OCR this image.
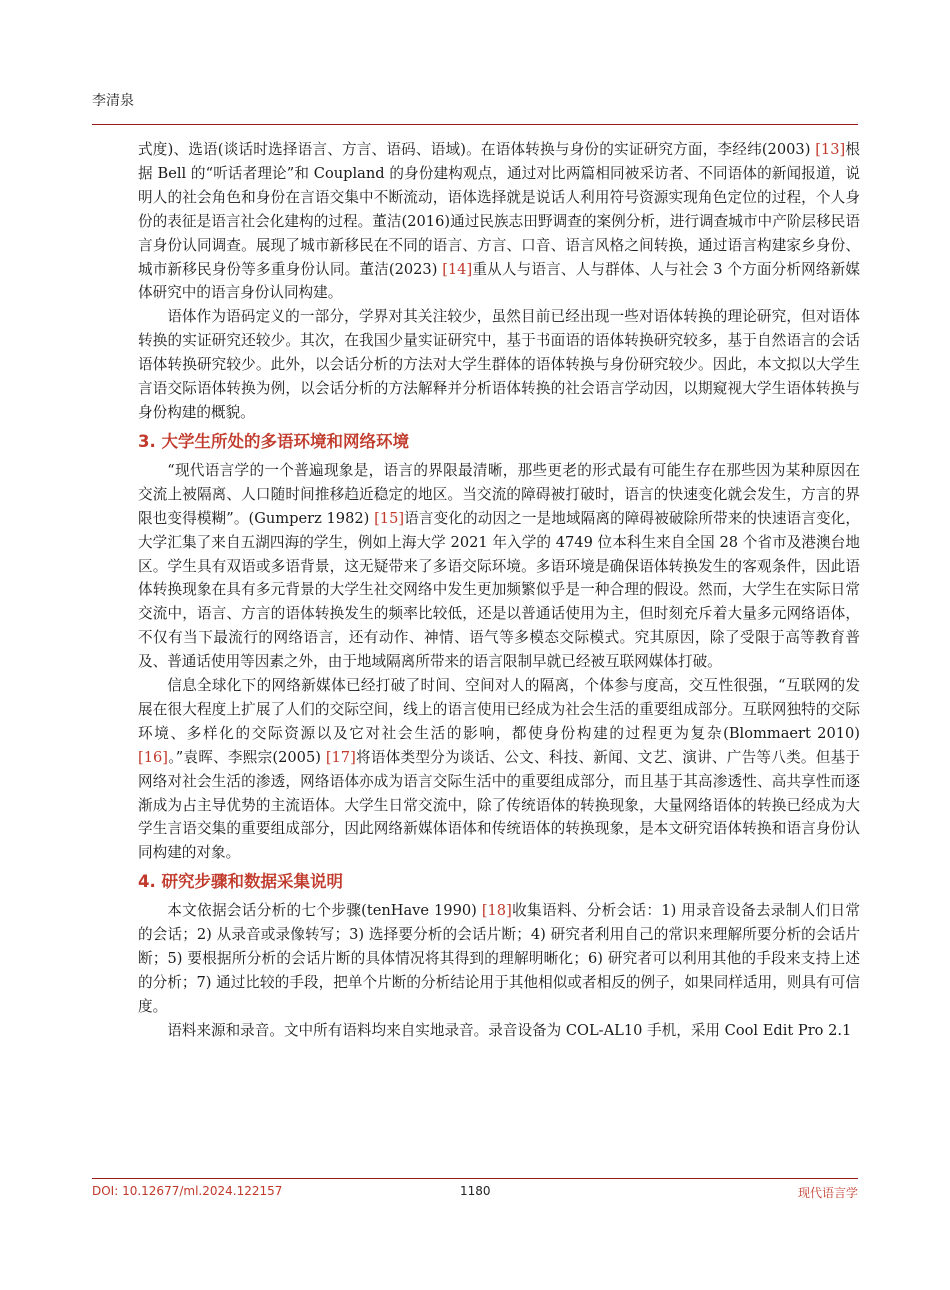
李清泉

式度)、选语(谈话时选择语言、方言、语码、语域)。在语体转换与身份的实证研究方面，李经纬(2003) [13]根据 Bell 的“听话者理论”和 Coupland 的身份建构观点，通过对比两篇相同被采访者、不同语体的新闻报道，说明人的社会角色和身份在言语交集中不断流动，语体选择就是说话人利用符号资源实现角色定位的过程，个人身份的表征是语言社会化建构的过程。董洁(2016)通过民族志田野调查的案例分析，进行调查城市中产阶层移民语言身份认同调查。展现了城市新移民在不同的语言、方言、口音、语言风格之间转换，通过语言构建家乡身份、城市新移民身份等多重身份认同。董洁(2023) [14]重从人与语言、人与群体、人与社会 3 个方面分析网络新媒体研究中的语言身份认同构建。

语体作为语码定义的一部分，学界对其关注较少，虽然目前已经出现一些对语体转换的理论研究，但对语体转换的实证研究还较少。其次，在我国少量实证研究中，基于书面语的语体转换研究较多，基于自然语言的会话语体转换研究较少。此外，以会话分析的方法对大学生群体的语体转换与身份研究较少。因此，本文拟以大学生言语交际语体转换为例，以会话分析的方法解释并分析语体转换的社会语言学动因，以期窥视大学生语体转换与身份构建的概貌。

3. 大学生所处的多语环境和网络环境

“现代语言学的一个普遍现象是，语言的界限最清晰，那些更老的形式最有可能生存在那些因为某种原因在交流上被隔离、人口随时间推移趋近稳定的地区。当交流的障碍被打破时，语言的快速变化就会发生，方言的界限也变得模糊”。(Gumperz 1982) [15]语言变化的动因之一是地域隔离的障碍被破除所带来的快速语言变化，大学汇集了来自五湖四海的学生，例如上海大学 2021 年入学的 4749 位本科生来自全国 28 个省市及港澳台地区。学生具有双语或多语背景，这无疑带来了多语交际环境。多语环境是确保语体转换发生的客观条件，因此语体转换现象在具有多元背景的大学生社交网络中发生更加频繁似乎是一种合理的假设。然而，大学生在实际日常交流中，语言、方言的语体转换发生的频率比较低，还是以普通话使用为主，但时刻充斥着大量多元网络语体，不仅有当下最流行的网络语言，还有动作、神情、语气等多模态交际模式。究其原因，除了受限于高等教育普及、普通话使用等因素之外，由于地域隔离所带来的语言限制早就已经被互联网媒体打破。

信息全球化下的网络新媒体已经打破了时间、空间对人的隔离，个体参与度高，交互性很强，“互联网的发展在很大程度上扩展了人们的交际空间，线上的语言使用已经成为社会生活的重要组成部分。互联网独特的交际环境、多样化的交际资源以及它对社会生活的影响，都使身份构建的过程更为复杂(Blommaert 2010) [16]。”袁晖、李熙宗(2005) [17]将语体类型分为谈话、公文、科技、新闻、文艺、演讲、广告等八类。但基于网络对社会生活的渗透，网络语体亦成为语言交际生活中的重要组成部分，而且基于其高渗透性、高共享性而逐渐成为占主导优势的主流语体。大学生日常交流中，除了传统语体的转换现象，大量网络语体的转换已经成为大学生言语交集的重要组成部分，因此网络新媒体语体和传统语体的转换现象，是本文研究语体转换和语言身份认同构建的对象。

4. 研究步骤和数据采集说明

本文依据会话分析的七个步骤(tenHave 1990) [18]收集语料、分析会话：1) 用录音设备去录制人们日常的会话；2) 从录音或录像转写；3) 选择要分析的会话片断；4) 研究者利用自己的常识来理解所要分析的会话片断；5) 要根据所分析的会话片断的具体情况将其得到的理解明晰化；6) 研究者可以利用其他的手段来支持上述的分析；7) 通过比较的手段，把单个片断的分析结论用于其他相似或者相反的例子，如果同样适用，则具有可信度。

语料来源和录音。文中所有语料均来自实地录音。录音设备为 COL-AL10 手机，采用 Cool Edit Pro 2.1

DOI: 10.12677/ml.2024.122157	1180	现代语言学
